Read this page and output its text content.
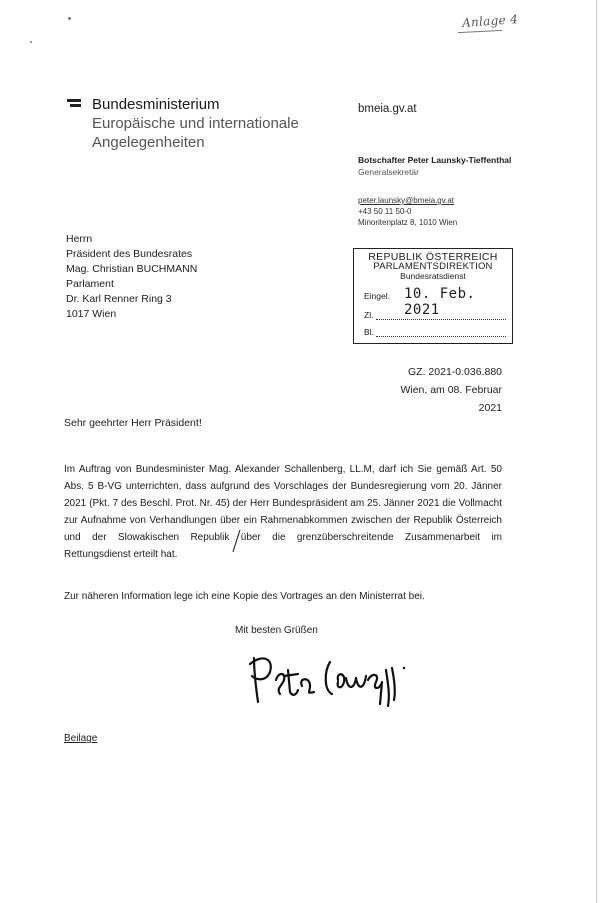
Anlage 4
Bundesministerium
Europäische und internationale
Angelegenheiten
bmeia.gv.at
Botschafter Peter Launsky-Tieffenthal
Generalsekretär
peter.launsky@bmeia.gv.at
+43 50 11 50-0
Minoritenplatz 8, 1010 Wien
Herrn
Präsident des Bundesrates
Mag. Christian BUCHMANN
Parlament
Dr. Karl Renner Ring 3
1017 Wien
REPUBLIK ÖSTERREICH
PARLAMENTSDIREKTION
Bundesratsdienst
Eingel. 10. Feb. 2021
Zl.
Bl.
GZ. 2021-0.036.880
Wien, am 08. Februar 2021
Sehr geehrter Herr Präsident!
Im Auftrag von Bundesminister Mag. Alexander Schallenberg, LL.M, darf ich Sie gemäß Art. 50 Abs. 5 B-VG unterrichten, dass aufgrund des Vorschlages der Bundesregierung vom 20. Jänner 2021 (Pkt. 7 des Beschl. Prot. Nr. 45) der Herr Bundespräsident am 25. Jänner 2021 die Vollmacht zur Aufnahme von Verhandlungen über ein Rahmenabkommen zwischen der Republik Österreich und der Slowakischen Republik über die grenzüberschreitende Zusammenarbeit im Rettungsdienst erteilt hat.
Zur näheren Information lege ich eine Kopie des Vortrages an den Ministerrat bei.
Mit besten Grüßen
Beilage
